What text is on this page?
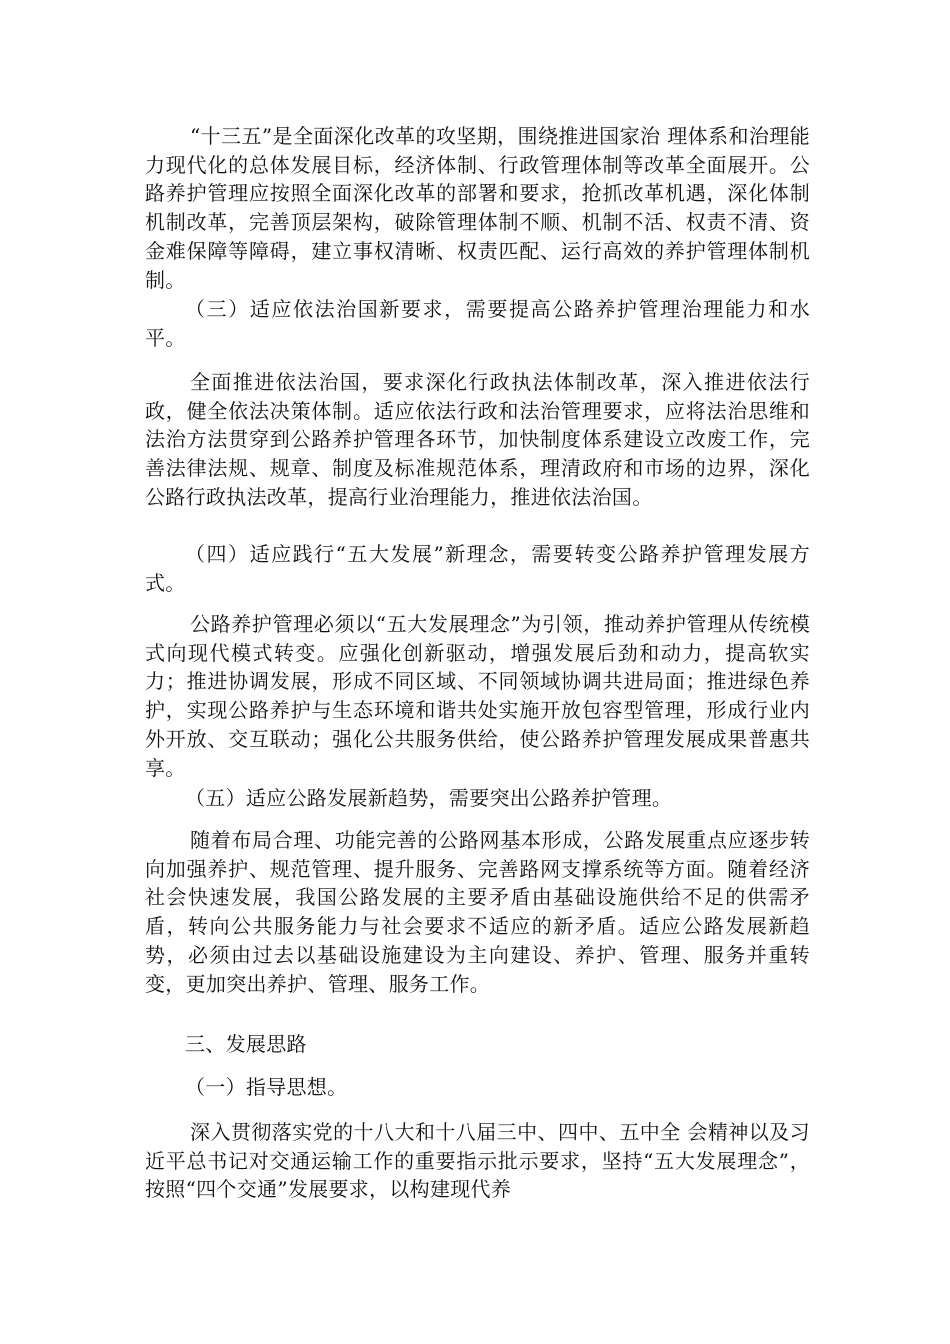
“十三五”是全面深化改革的攻坚期，围绕推进国家治 理体系和治理能力现代化的总体发展目标，经济体制、行政管理体制等改革全面展开。公路养护管理应按照全面深化改革的部署和要求，抢抓改革机遇，深化体制机制改革，完善顶层架构，破除管理体制不顺、机制不活、权责不清、资金难保障等障碍，建立事权清晰、权责匹配、运行高效的养护管理体制机制。

（三）适应依法治国新要求，需要提高公路养护管理治理能力和水平。

全面推进依法治国，要求深化行政执法体制改革，深入推进依法行政，健全依法决策体制。适应依法行政和法治管理要求，应将法治思维和法治方法贯穿到公路养护管理各环节，加快制度体系建设立改废工作，完善法律法规、规章、制度及标准规范体系，理清政府和市场的边界，深化公路行政执法改革，提高行业治理能力，推进依法治国。

（四）适应践行“五大发展”新理念，需要转变公路养护管理发展方式。

公路养护管理必须以“五大发展理念”为引领，推动养护管理从传统模式向现代模式转变。应强化创新驱动，增强发展后劲和动力，提高软实力；推进协调发展，形成不同区域、不同领域协调共进局面；推进绿色养护，实现公路养护与生态环境和谐共处实施开放包容型管理，形成行业内外开放、交互联动；强化公共服务供给，使公路养护管理发展成果普惠共享。

（五）适应公路发展新趋势，需要突出公路养护管理。

随着布局合理、功能完善的公路网基本形成，公路发展重点应逐步转向加强养护、规范管理、提升服务、完善路网支撑系统等方面。随着经济社会快速发展，我国公路发展的主要矛盾由基础设施供给不足的供需矛盾，转向公共服务能力与社会要求不适应的新矛盾。适应公路发展新趋势，必须由过去以基础设施建设为主向建设、养护、管理、服务并重转变，更加突出养护、管理、服务工作。

三、发展思路

（一）指导思想。

深入贯彻落实党的十八大和十八届三中、四中、五中全 会精神以及习近平总书记对交通运输工作的重要指示批示要求，坚持“五大发展理念”，按照“四个交通”发展要求，以构建现代养
